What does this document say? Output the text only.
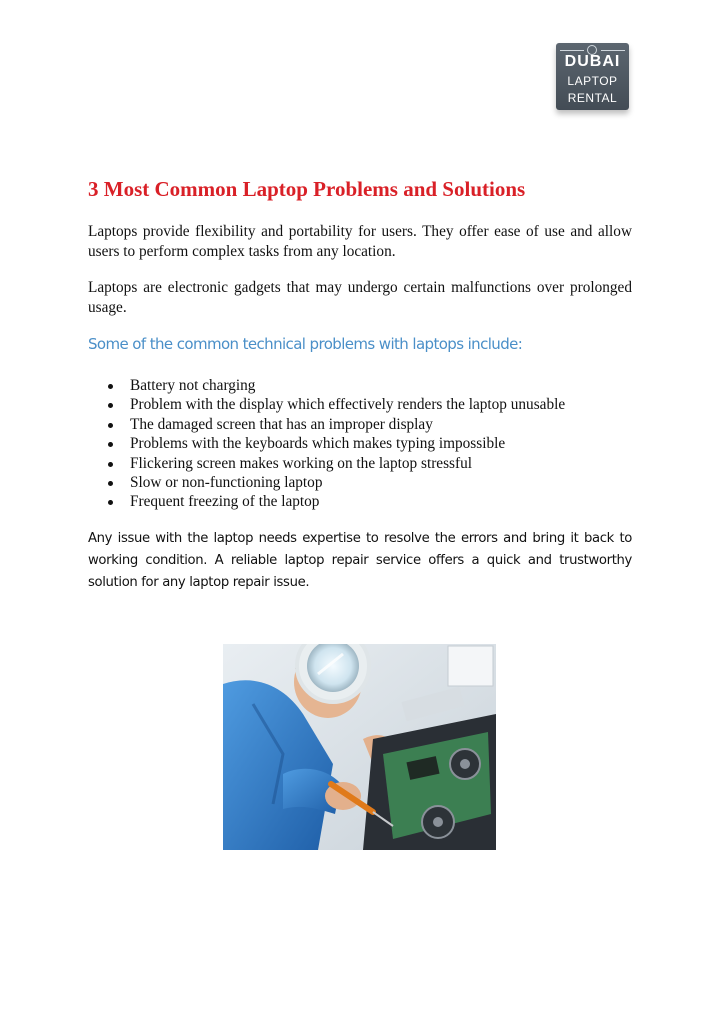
DUBAI
LAPTOP
RENTAL
3 Most Common Laptop Problems and Solutions

Laptops provide flexibility and portability for users. They offer ease of use and allow users to perform complex tasks from any location.

Laptops are electronic gadgets that may undergo certain malfunctions over prolonged usage.

Some of the common technical problems with laptops include:
Battery not charging
Problem with the display which effectively renders the laptop unusable
The damaged screen that has an improper display
Problems with the keyboards which makes typing impossible
Flickering screen makes working on the laptop stressful
Slow or non-functioning laptop
Frequent freezing of the laptop

Any issue with the laptop needs expertise to resolve the errors and bring it back to working condition. A reliable laptop repair service offers a quick and trustworthy solution for any laptop repair issue.
